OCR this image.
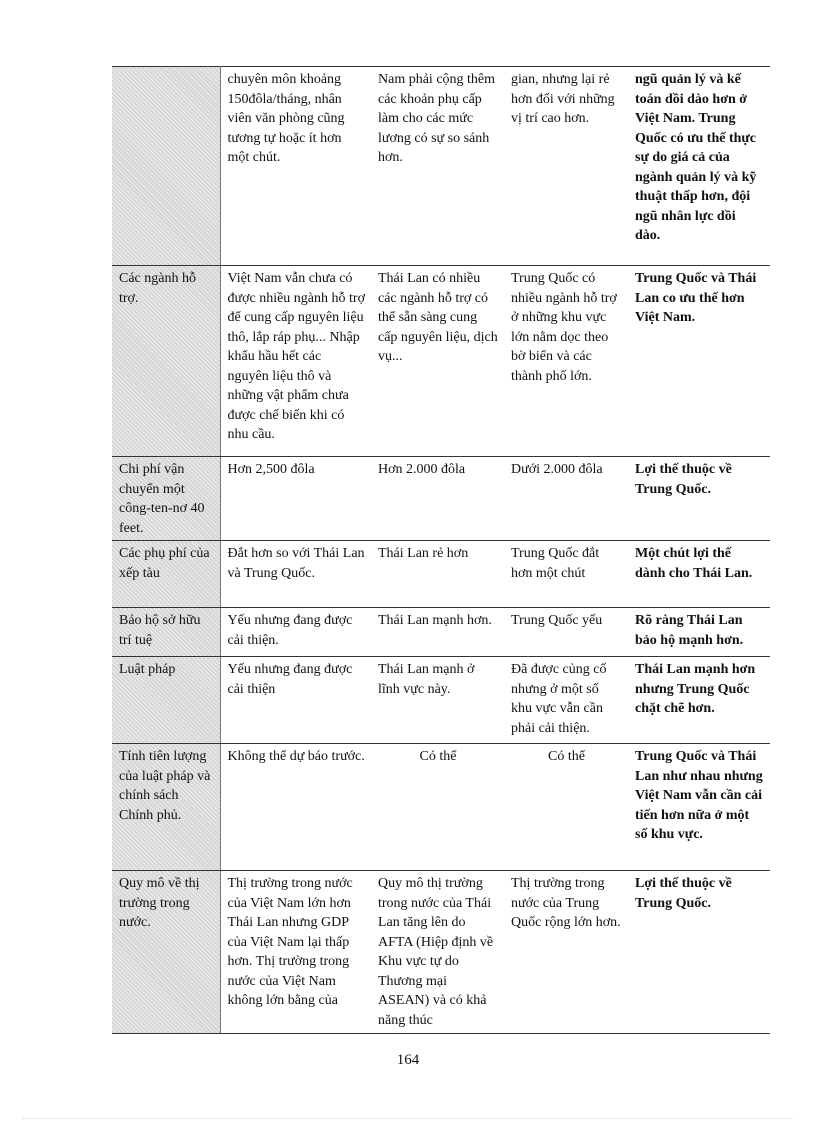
	chuyên môn khoảng 150đôla/tháng, nhân viên văn phòng cũng tương tự hoặc ít hơn một chút.	Nam phải cộng thêm các khoản phụ cấp làm cho các mức lương có sự so sánh hơn.	gian, nhưng lại rẻ hơn đối với những vị trí cao hơn.	ngũ quản lý và kế toán dồi dào hơn ở Việt Nam. Trung Quốc có ưu thế thực sự do giá cả của ngành quản lý và kỹ thuật thấp hơn, đội ngũ nhân lực dồi dào.
Các ngành hỗ trợ.	Việt Nam vẫn chưa có được nhiều ngành hỗ trợ để cung cấp nguyên liệu thô, lắp ráp phụ... Nhập khẩu hầu hết các nguyên liệu thô và những vật phẩm chưa được chế biến khi có nhu cầu.	Thái Lan có nhiều các ngành hỗ trợ có thể sẵn sàng cung cấp nguyên liệu, dịch vụ...	Trung Quốc có nhiều ngành hỗ trợ ở những khu vực lớn nằm dọc theo bờ biển và các thành phố lớn.	Trung Quốc và Thái Lan co ưu thế hơn Việt Nam.
Chi phí vận chuyển một công-ten-nơ 40 feet.	Hơn 2,500 đôla	Hơn 2.000 đôla	Dưới 2.000 đôla	Lợi thế thuộc về Trung Quốc.
Các phụ phí của xếp tàu	Đắt hơn so với Thái Lan và Trung Quốc.	Thái Lan rẻ hơn	Trung Quốc đắt hơn một chút	Một chút lợi thế dành cho Thái Lan.
Bảo hộ sở hữu trí tuệ	Yếu nhưng đang được cải thiện.	Thái Lan mạnh hơn.	Trung Quốc yếu	Rõ ràng Thái Lan bảo hộ mạnh hơn.
Luật pháp	Yếu nhưng đang được cải thiện	Thái Lan mạnh ở lĩnh vực này.	Đã được củng cố nhưng ở một số khu vực vẫn cần phải cải thiện.	Thái Lan mạnh hơn nhưng Trung Quốc chặt chẽ hơn.
Tính tiên lượng của luật pháp và chính sách Chính phủ.	Không thể dự báo trước.	Có thể	Có thể	Trung Quốc và Thái Lan như nhau nhưng Việt Nam vẫn cần cải tiến hơn nữa ở một số khu vực.
Quy mô về thị trường trong nước.	Thị trường trong nước của Việt Nam lớn hơn Thái Lan nhưng GDP của Việt Nam lại thấp hơn. Thị trường trong nước của Việt Nam không lớn bằng của	Quy mô thị trường trong nước của Thái Lan tăng lên do AFTA (Hiệp định về Khu vực tự do Thương mại ASEAN) và có khả năng thúc	Thị trường trong nước của Trung Quốc rộng lớn hơn.	Lợi thế thuộc về Trung Quốc.
164
